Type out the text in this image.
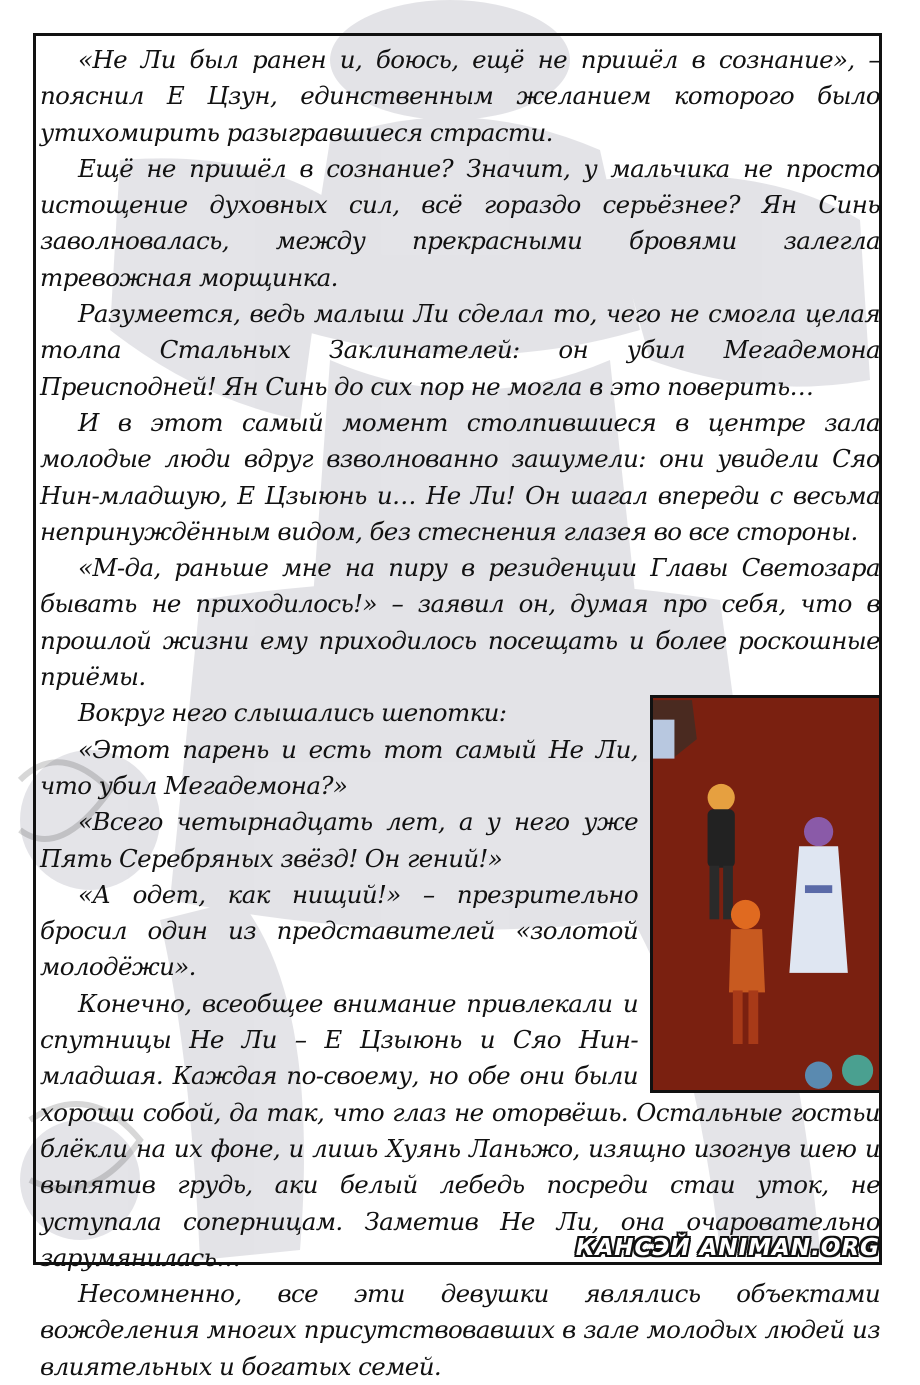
«Не Ли был ранен и, боюсь, ещё не пришёл в сознание», – пояснил Е Цзун, единственным желанием которого было утихомирить разыгравшиеся страсти.

Ещё не пришёл в сознание? Значит, у мальчика не просто истощение духовных сил, всё гораздо серьёзнее? Ян Синь заволновалась, между прекрасными бровями залегла тревожная морщинка.

Разумеется, ведь малыш Ли сделал то, чего не смогла целая толпа Стальных Заклинателей: он убил Мегадемона Преисподней! Ян Синь до сих пор не могла в это поверить…

И в этот самый момент столпившиеся в центре зала молодые люди вдруг взволнованно зашумели: они увидели Сяо Нин-младшую, Е Цзыюнь и… Не Ли! Он шагал впереди с весьма непринуждённым видом, без стеснения глазея во все стороны.

«М-да, раньше мне на пиру в резиденции Главы Светозара бывать не приходилось!» – заявил он, думая про себя, что в прошлой жизни ему приходилось посещать и более роскошные приёмы.

Вокруг него слышались шепотки:

«Этот парень и есть тот самый Не Ли, что убил Мегадемона?»

«Всего четырнадцать лет, а у него уже Пять Серебряных звёзд! Он гений!»

«А одет, как нищий!» – презрительно бросил один из представителей «золотой молодёжи».

Конечно, всеобщее внимание привлекали и спутницы Не Ли – Е Цзыюнь и Сяо Нин-младшая. Каждая по-своему, но обе они были хороши собой, да так, что глаз не оторвёшь. Остальные гостьи блёкли на их фоне, и лишь Хуянь Ланьжо, изящно изогнув шею и выпятив грудь, аки белый лебедь посреди стаи уток, не уступала соперницам. Заметив Не Ли, она очаровательно зарумянилась…

Несомненно, все эти девушки являлись объектами вожделения многих присутствовавших в зале молодых людей из влиятельных и богатых семей.

КАНСЭЙ ANIMAN.ORG
